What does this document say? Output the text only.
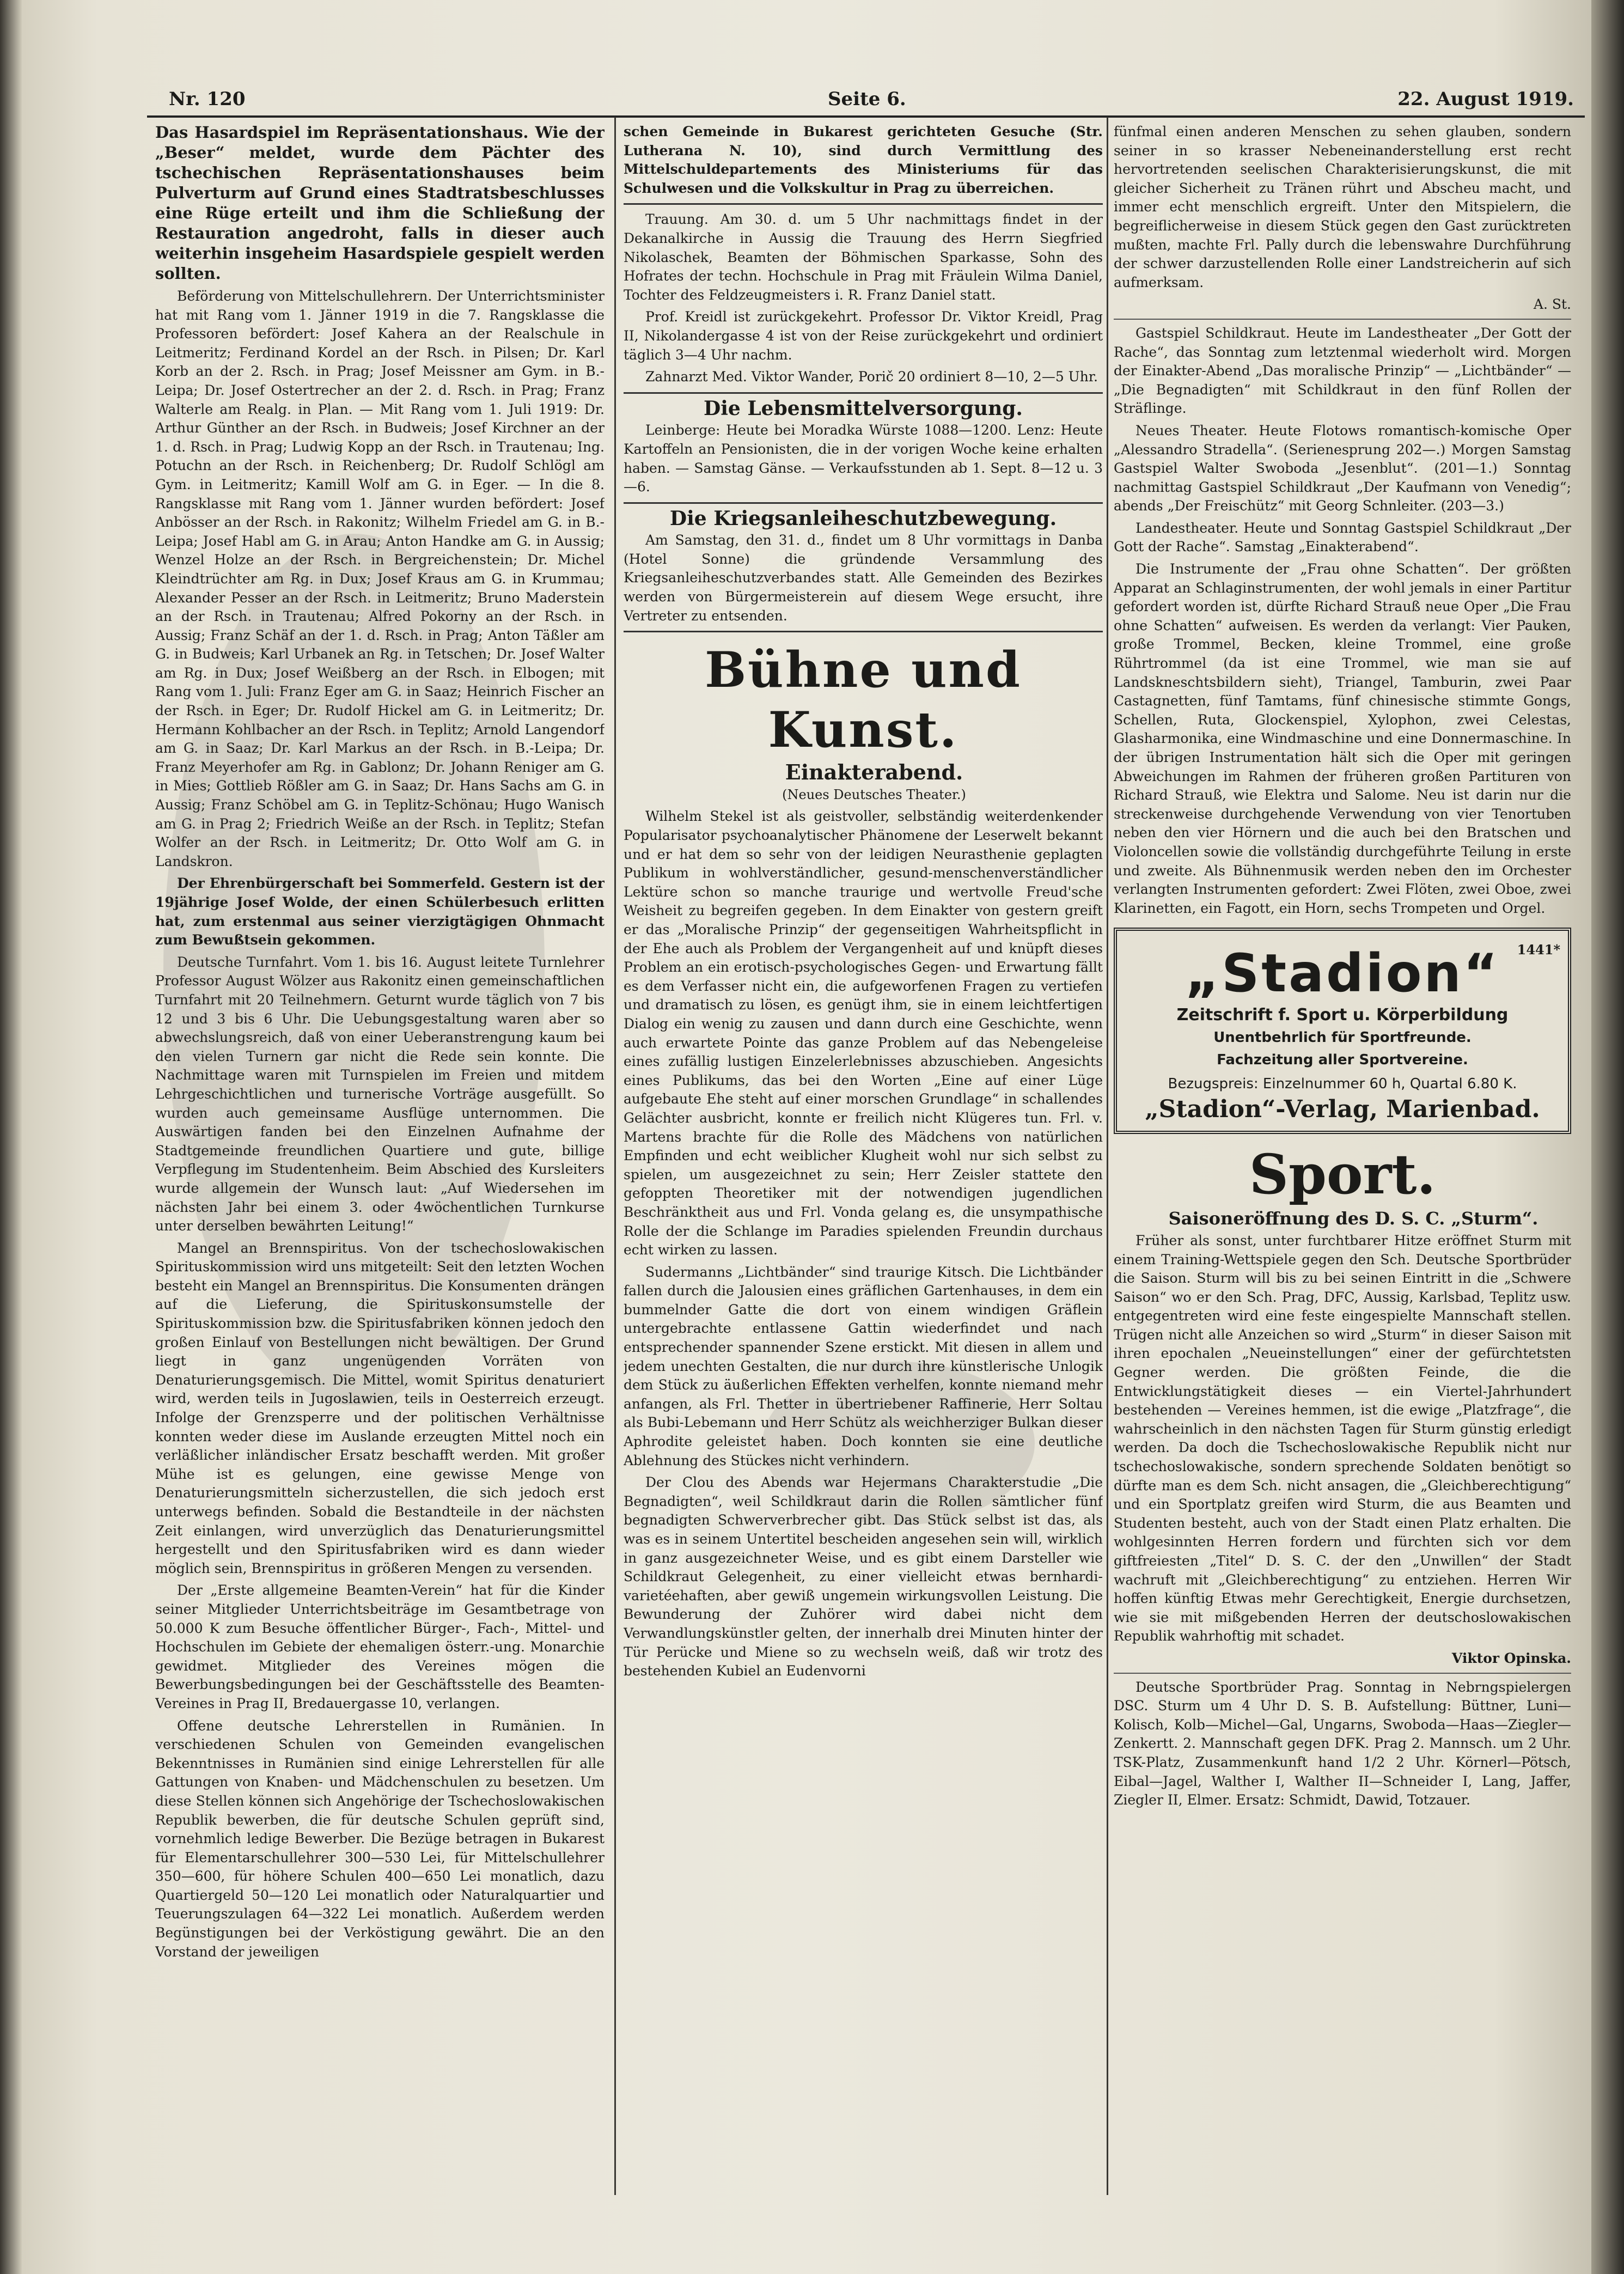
Nr. 120	Seite 6.	22. August 1919.

Das Hasardspiel im Repräsentationshaus. Wie der „Beser“ meldet, wurde dem Pächter des tschechischen Repräsentationshauses beim Pulverturm auf Grund eines Stadtratsbeschlusses eine Rüge erteilt und ihm die Schließung der Restauration angedroht, falls in dieser auch weiterhin insgeheim Hasardspiele gespielt werden sollten.

Beförderung von Mittelschullehrern. Der Unterrichtsminister hat mit Rang vom 1. Jänner 1919 in die 7. Rangsklasse die Professoren befördert: Josef Kahera an der Realschule in Leitmeritz; Ferdinand Kordel an der Rsch. in Pilsen; Dr. Karl Korb an der 2. Rsch. in Prag; Josef Meissner am Gym. in B.-Leipa; Dr. Josef Ostertrecher an der 2. d. Rsch. in Prag; Franz Walterle am Realg. in Plan. — Mit Rang vom 1. Juli 1919: Dr. Arthur Günther an der Rsch. in Budweis; Josef Kirchner an der 1. d. Rsch. in Prag; Ludwig Kopp an der Rsch. in Trautenau; Ing. Potuchn an der Rsch. in Reichenberg; Dr. Rudolf Schlögl am Gym. in Leitmeritz; Kamill Wolf am G. in Eger. — In die 8. Rangsklasse mit Rang vom 1. Jänner wurden befördert: Josef Anbösser an der Rsch. in Rakonitz; Wilhelm Friedel am G. in B.-Leipa; Josef Habl am G. in Arau; Anton Handke am G. in Aussig; Wenzel Holze an der Rsch. in Bergreichenstein; Dr. Michel Kleindtrüchter am Rg. in Dux; Josef Kraus am G. in Krummau; Alexander Pesser an der Rsch. in Leitmeritz; Bruno Maderstein an der Rsch. in Trautenau; Alfred Pokorny an der Rsch. in Aussig; Franz Schäf an der 1. d. Rsch. in Prag; Anton Täßler am G. in Budweis; Karl Urbanek an Rg. in Tetschen; Dr. Josef Walter am Rg. in Dux; Josef Weißberg an der Rsch. in Elbogen; mit Rang vom 1. Juli: Franz Eger am G. in Saaz; Heinrich Fischer an der Rsch. in Eger; Dr. Rudolf Hickel am G. in Leitmeritz; Dr. Hermann Kohlbacher an der Rsch. in Teplitz; Arnold Langendorf am G. in Saaz; Dr. Karl Markus an der Rsch. in B.-Leipa; Dr. Franz Meyerhofer am Rg. in Gablonz; Dr. Johann Reniger am G. in Mies; Gottlieb Rößler am G. in Saaz; Dr. Hans Sachs am G. in Aussig; Franz Schöbel am G. in Teplitz-Schönau; Hugo Wanisch am G. in Prag 2; Friedrich Weiße an der Rsch. in Teplitz; Stefan Wolfer an der Rsch. in Leitmeritz; Dr. Otto Wolf am G. in Landskron.

Der Ehrenbürgerschaft bei Sommerfeld. Gestern ist der 19jährige Josef Wolde, der einen Schülerbesuch erlitten hat, zum erstenmal aus seiner vierzigtägigen Ohnmacht zum Bewußtsein gekommen.

Deutsche Turnfahrt. Vom 1. bis 16. August leitete Turnlehrer Professor August Wölzer aus Rakonitz einen gemeinschaftlichen Turnfahrt mit 20 Teilnehmern. Geturnt wurde täglich von 7 bis 12 und 3 bis 6 Uhr. Die Uebungsgestaltung waren aber so abwechslungsreich, daß von einer Ueberanstrengung kaum bei den vielen Turnern gar nicht die Rede sein konnte. Die Nachmittage waren mit Turnspielen im Freien und mitdem Lehrgeschichtlichen und turnerische Vorträge ausgefüllt. So wurden auch gemeinsame Ausflüge unternommen. Die Auswärtigen fanden bei den Einzelnen Aufnahme der Stadtgemeinde freundlichen Quartiere und gute, billige Verpflegung im Studentenheim. Beim Abschied des Kursleiters wurde allgemein der Wunsch laut: „Auf Wiedersehen im nächsten Jahr bei einem 3. oder 4wöchentlichen Turnkurse unter derselben bewährten Leitung!“

Mangel an Brennspiritus. Von der tschechoslowakischen Spirituskommission wird uns mitgeteilt: Seit den letzten Wochen besteht ein Mangel an Brennspiritus. Die Konsumenten drängen auf die Lieferung, die Spirituskonsumstelle der Spirituskommission bzw. die Spiritusfabriken können jedoch den großen Einlauf von Bestellungen nicht bewältigen. Der Grund liegt in ganz ungenügenden Vorräten von Denaturierungsgemisch. Die Mittel, womit Spiritus denaturiert wird, werden teils in Jugoslawien, teils in Oesterreich erzeugt. Infolge der Grenzsperre und der politischen Verhältnisse konnten weder diese im Auslande erzeugten Mittel noch ein verläßlicher inländischer Ersatz beschafft werden. Mit großer Mühe ist es gelungen, eine gewisse Menge von Denaturierungsmitteln sicherzustellen, die sich jedoch erst unterwegs befinden. Sobald die Bestandteile in der nächsten Zeit einlangen, wird unverzüglich das Denaturierungsmittel hergestellt und den Spiritusfabriken wird es dann wieder möglich sein, Brennspiritus in größeren Mengen zu versenden.

Der „Erste allgemeine Beamten-Verein“ hat für die Kinder seiner Mitglieder Unterrichtsbeiträge im Gesamtbetrage von 50.000 K zum Besuche öffentlicher Bürger-, Fach-, Mittel- und Hochschulen im Gebiete der ehemaligen österr.-ung. Monarchie gewidmet. Mitglieder des Vereines mögen die Bewerbungsbedingungen bei der Geschäftsstelle des Beamten-Vereines in Prag II, Bredauergasse 10, verlangen.

Offene deutsche Lehrerstellen in Rumänien. In verschiedenen Schulen von Gemeinden evangelischen Bekenntnisses in Rumänien sind einige Lehrerstellen für alle Gattungen von Knaben- und Mädchenschulen zu besetzen. Um diese Stellen können sich Angehörige der Tschechoslowakischen Republik bewerben, die für deutsche Schulen geprüft sind, vornehmlich ledige Bewerber. Die Bezüge betragen in Bukarest für Elementarschullehrer 300—530 Lei, für Mittelschullehrer 350—600, für höhere Schulen 400—650 Lei monatlich, dazu Quartiergeld 50—120 Lei monatlich oder Naturalquartier und Teuerungszulagen 64—322 Lei monatlich. Außerdem werden Begünstigungen bei der Verköstigung gewährt. Die an den Vorstand der jeweiligen

schen Gemeinde in Bukarest gerichteten Gesuche (Str. Lutherana N. 10), sind durch Vermittlung des Mittelschuldepartements des Ministeriums für das Schulwesen und die Volkskultur in Prag zu überreichen.

Trauung. Am 30. d. um 5 Uhr nachmittags findet in der Dekanalkirche in Aussig die Trauung des Herrn Siegfried Nikolaschek, Beamten der Böhmischen Sparkasse, Sohn des Hofrates der techn. Hochschule in Prag mit Fräulein Wilma Daniel, Tochter des Feldzeugmeisters i. R. Franz Daniel statt.

Prof. Kreidl ist zurückgekehrt. Professor Dr. Viktor Kreidl, Prag II, Nikolandergasse 4 ist von der Reise zurückgekehrt und ordiniert täglich 3—4 Uhr nachm.

Zahnarzt Med. Viktor Wander, Porič 20 ordiniert 8—10, 2—5 Uhr.

Die Lebensmittelversorgung.

Leinberge: Heute bei Moradka Würste 1088—1200. Lenz: Heute Kartoffeln an Pensionisten, die in der vorigen Woche keine erhalten haben. — Samstag Gänse. — Verkaufsstunden ab 1. Sept. 8—12 u. 3—6.

Die Kriegsanleiheschutzbewegung.

Am Samstag, den 31. d., findet um 8 Uhr vormittags in Danba (Hotel Sonne) die gründende Versammlung des Kriegsanleiheschutzverbandes statt. Alle Gemeinden des Bezirkes werden von Bürgermeisterein auf diesem Wege ersucht, ihre Vertreter zu entsenden.

Bühne und Kunst.

Einakterabend.

(Neues Deutsches Theater.)

Wilhelm Stekel ist als geistvoller, selbständig weiterdenkender Popularisator psychoanalytischer Phänomene der Leserwelt bekannt und er hat dem so sehr von der leidigen Neurasthenie geplagten Publikum in wohlverständlicher, gesund-menschenverständlicher Lektüre schon so manche traurige und wertvolle Freud'sche Weisheit zu begreifen gegeben. In dem Einakter von gestern greift er das „Moralische Prinzip“ der gegenseitigen Wahrheitspflicht in der Ehe auch als Problem der Vergangenheit auf und knüpft dieses Problem an ein erotisch-psychologisches Gegen- und Erwartung fällt es dem Verfasser nicht ein, die aufgeworfenen Fragen zu vertiefen und dramatisch zu lösen, es genügt ihm, sie in einem leichtfertigen Dialog ein wenig zu zausen und dann durch eine Geschichte, wenn auch erwartete Pointe das ganze Problem auf das Nebengeleise eines zufällig lustigen Einzelerlebnisses abzuschieben. Angesichts eines Publikums, das bei den Worten „Eine auf einer Lüge aufgebaute Ehe steht auf einer morschen Grundlage“ in schallendes Gelächter ausbricht, konnte er freilich nicht Klügeres tun. Frl. v. Martens brachte für die Rolle des Mädchens von natürlichen Empfinden und echt weiblicher Klugheit wohl nur sich selbst zu spielen, um ausgezeichnet zu sein; Herr Zeisler stattete den gefoppten Theoretiker mit der notwendigen jugendlichen Beschränktheit aus und Frl. Vonda gelang es, die unsympathische Rolle der die Schlange im Paradies spielenden Freundin durchaus echt wirken zu lassen.

Sudermanns „Lichtbänder“ sind traurige Kitsch. Die Lichtbänder fallen durch die Jalousien eines gräflichen Gartenhauses, in dem ein bummelnder Gatte die dort von einem windigen Gräflein untergebrachte entlassene Gattin wiederfindet und nach entsprechender spannender Szene erstickt. Mit diesen in allem und jedem unechten Gestalten, die nur durch ihre künstlerische Unlogik dem Stück zu äußerlichen Effekten verhelfen, konnte niemand mehr anfangen, als Frl. Thetter in übertriebener Raffinerie, Herr Soltau als Bubi-Lebemann und Herr Schütz als weichherziger Bulkan dieser Aphrodite geleistet haben. Doch konnten sie eine deutliche Ablehnung des Stückes nicht verhindern.

Der Clou des Abends war Hejermans Charakterstudie „Die Begnadigten“, weil Schildkraut darin die Rollen sämtlicher fünf begnadigten Schwerverbrecher gibt. Das Stück selbst ist das, als was es in seinem Untertitel bescheiden angesehen sein will, wirklich in ganz ausgezeichneter Weise, und es gibt einem Darsteller wie Schildkraut Gelegenheit, zu einer vielleicht etwas bernhardi-varietéehaften, aber gewiß ungemein wirkungsvollen Leistung. Die Bewunderung der Zuhörer wird dabei nicht dem Verwandlungskünstler gelten, der innerhalb drei Minuten hinter der Tür Perücke und Miene so zu wechseln weiß, daß wir trotz des bestehenden Kubiel an Eudenvorni

fünfmal einen anderen Menschen zu sehen glauben, sondern seiner in so krasser Nebeneinanderstellung erst recht hervortretenden seelischen Charakterisierungskunst, die mit gleicher Sicherheit zu Tränen rührt und Abscheu macht, und immer echt menschlich ergreift. Unter den Mitspielern, die begreiflicherweise in diesem Stück gegen den Gast zurücktreten mußten, machte Frl. Pally durch die lebenswahre Durchführung der schwer darzustellenden Rolle einer Landstreicherin auf sich aufmerksam.

A. St.

Gastspiel Schildkraut. Heute im Landestheater „Der Gott der Rache“, das Sonntag zum letztenmal wiederholt wird. Morgen der Einakter-Abend „Das moralische Prinzip“ — „Lichtbänder“ — „Die Begnadigten“ mit Schildkraut in den fünf Rollen der Sträflinge.

Neues Theater. Heute Flotows romantisch-komische Oper „Alessandro Stradella“. (Serienesprung 202—.) Morgen Samstag Gastspiel Walter Swoboda „Jesenblut“. (201—1.) Sonntag nachmittag Gastspiel Schildkraut „Der Kaufmann von Venedig“; abends „Der Freischütz“ mit Georg Schnleiter. (203—3.)

Landestheater. Heute und Sonntag Gastspiel Schildkraut „Der Gott der Rache“. Samstag „Einakterabend“.

Die Instrumente der „Frau ohne Schatten“. Der größten Apparat an Schlaginstrumenten, der wohl jemals in einer Partitur gefordert worden ist, dürfte Richard Strauß neue Oper „Die Frau ohne Schatten“ aufweisen. Es werden da verlangt: Vier Pauken, große Trommel, Becken, kleine Trommel, eine große Rührtrommel (da ist eine Trommel, wie man sie auf Landskneschtsbildern sieht), Triangel, Tamburin, zwei Paar Castagnetten, fünf Tamtams, fünf chinesische stimmte Gongs, Schellen, Ruta, Glockenspiel, Xylophon, zwei Celestas, Glasharmonika, eine Windmaschine und eine Donnermaschine. In der übrigen Instrumentation hält sich die Oper mit geringen Abweichungen im Rahmen der früheren großen Partituren von Richard Strauß, wie Elektra und Salome. Neu ist darin nur die streckenweise durchgehende Verwendung von vier Tenortuben neben den vier Hörnern und die auch bei den Bratschen und Violoncellen sowie die vollständig durchgeführte Teilung in erste und zweite. Als Bühnenmusik werden neben den im Orchester verlangten Instrumenten gefordert: Zwei Flöten, zwei Oboe, zwei Klarinetten, ein Fagott, ein Horn, sechs Trompeten und Orgel.

1441*
„Stadion“
Zeitschrift f. Sport u. Körperbildung
Unentbehrlich für Sportfreunde.
Fachzeitung aller Sportvereine.
Bezugspreis: Einzelnummer 60 h, Quartal 6.80 K.
„Stadion“-Verlag, Marienbad.
Sport.

Saisoneröffnung des D. S. C. „Sturm“.

Früher als sonst, unter furchtbarer Hitze eröffnet Sturm mit einem Training-Wettspiele gegen den Sch. Deutsche Sportbrüder die Saison. Sturm will bis zu bei seinen Eintritt in die „Schwere Saison“ wo er den Sch. Prag, DFC, Aussig, Karlsbad, Teplitz usw. entgegentreten wird eine feste eingespielte Mannschaft stellen. Trügen nicht alle Anzeichen so wird „Sturm“ in dieser Saison mit ihren epochalen „Neueinstellungen“ einer der gefürchtetsten Gegner werden. Die größten Feinde, die die Entwicklungstätigkeit dieses — ein Viertel-Jahrhundert bestehenden — Vereines hemmen, ist die ewige „Platzfrage“, die wahrscheinlich in den nächsten Tagen für Sturm günstig erledigt werden. Da doch die Tschechoslowakische Republik nicht nur tschechoslowakische, sondern sprechende Soldaten benötigt so dürfte man es dem Sch. nicht ansagen, die „Gleichberechtigung“ und ein Sportplatz greifen wird Sturm, die aus Beamten und Studenten besteht, auch von der Stadt einen Platz erhalten. Die wohlgesinnten Herren fordern und fürchten sich vor dem giftfreiesten „Titel“ D. S. C. der den „Unwillen“ der Stadt wachruft mit „Gleichberechtigung“ zu entziehen. Herren Wir hoffen künftig Etwas mehr Gerechtigkeit, Energie durchsetzen, wie sie mit mißgebenden Herren der deutschoslowakischen Republik wahrhoftig mit schadet.

Viktor Opinska.

Deutsche Sportbrüder Prag. Sonntag in Nebrngspielergen DSC. Sturm um 4 Uhr D. S. B. Aufstellung: Büttner, Luni—Kolisch, Kolb—Michel—Gal, Ungarns, Swoboda—Haas—Ziegler—Zenkertt. 2. Mannschaft gegen DFK. Prag 2. Mannsch. um 2 Uhr. TSK-Platz, Zusammenkunft hand 1/2 2 Uhr. Körnerl—Pötsch, Eibal—Jagel, Walther I, Walther II—Schneider I, Lang, Jaffer, Ziegler II, Elmer. Ersatz: Schmidt, Dawid, Totzauer.
